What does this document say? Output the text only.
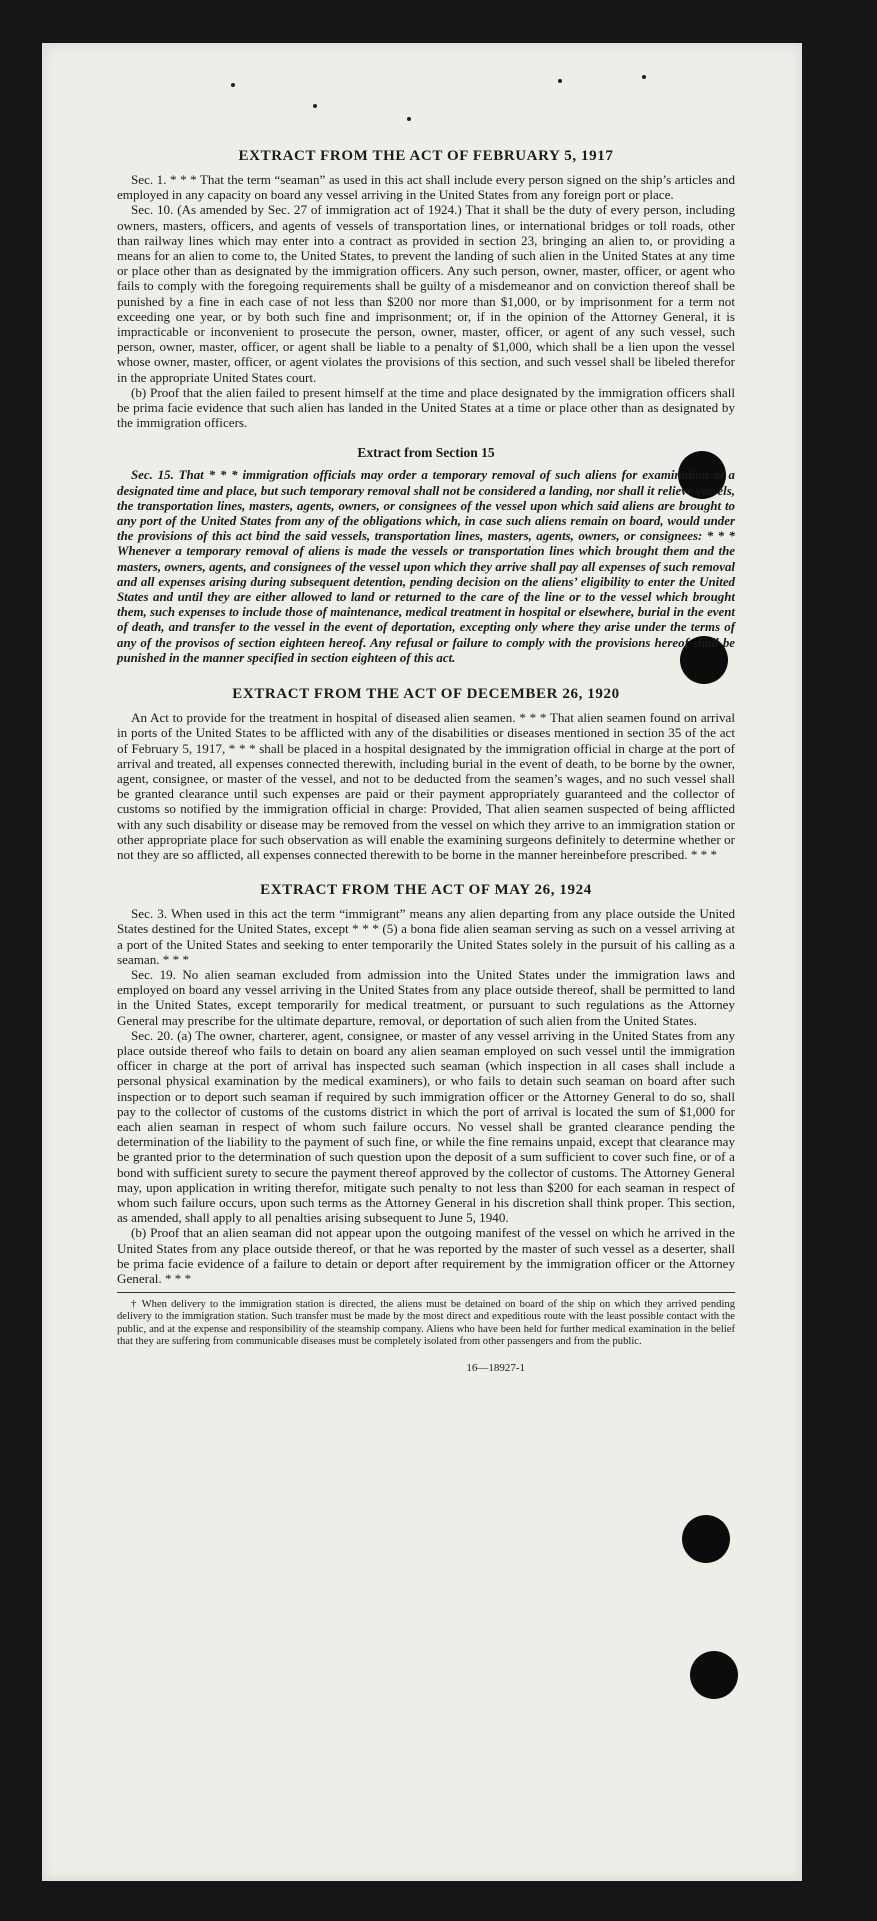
EXTRACT FROM THE ACT OF FEBRUARY 5, 1917

Sec. 1. * * * That the term “seaman” as used in this act shall include every person signed on the ship’s articles and employed in any capacity on board any vessel arriving in the United States from any foreign port or place.

Sec. 10. (As amended by Sec. 27 of immigration act of 1924.) That it shall be the duty of every person, including owners, masters, officers, and agents of vessels of transportation lines, or international bridges or toll roads, other than railway lines which may enter into a contract as provided in section 23, bringing an alien to, or providing a means for an alien to come to, the United States, to prevent the landing of such alien in the United States at any time or place other than as designated by the immigration officers. Any such person, owner, master, officer, or agent who fails to comply with the foregoing requirements shall be guilty of a misdemeanor and on conviction thereof shall be punished by a fine in each case of not less than $200 nor more than $1,000, or by imprisonment for a term not exceeding one year, or by both such fine and imprisonment; or, if in the opinion of the Attorney General, it is impracticable or inconvenient to prosecute the person, owner, master, officer, or agent of any such vessel, such person, owner, master, officer, or agent shall be liable to a penalty of $1,000, which shall be a lien upon the vessel whose owner, master, officer, or agent violates the provisions of this section, and such vessel shall be libeled therefor in the appropriate United States court.

(b) Proof that the alien failed to present himself at the time and place designated by the immigration officers shall be prima facie evidence that such alien has landed in the United States at a time or place other than as designated by the immigration officers.

Extract from Section 15

Sec. 15. That * * * immigration officials may order a temporary removal of such aliens for examination at a designated time and place, but such temporary removal shall not be considered a landing, nor shall it relieve vessels, the transportation lines, masters, agents, owners, or consignees of the vessel upon which said aliens are brought to any port of the United States from any of the obligations which, in case such aliens remain on board, would under the provisions of this act bind the said vessels, transportation lines, masters, agents, owners, or consignees: * * * Whenever a temporary removal of aliens is made the vessels or transportation lines which brought them and the masters, owners, agents, and consignees of the vessel upon which they arrive shall pay all expenses of such removal and all expenses arising during subsequent detention, pending decision on the aliens’ eligibility to enter the United States and until they are either allowed to land or returned to the care of the line or to the vessel which brought them, such expenses to include those of maintenance, medical treatment in hospital or elsewhere, burial in the event of death, and transfer to the vessel in the event of deportation, excepting only where they arise under the terms of any of the provisos of section eighteen hereof. Any refusal or failure to comply with the provisions hereof shall be punished in the manner specified in section eighteen of this act.

EXTRACT FROM THE ACT OF DECEMBER 26, 1920

An Act to provide for the treatment in hospital of diseased alien seamen. * * * That alien seamen found on arrival in ports of the United States to be afflicted with any of the disabilities or diseases mentioned in section 35 of the act of February 5, 1917, * * * shall be placed in a hospital designated by the immigration official in charge at the port of arrival and treated, all expenses connected therewith, including burial in the event of death, to be borne by the owner, agent, consignee, or master of the vessel, and not to be deducted from the seamen’s wages, and no such vessel shall be granted clearance until such expenses are paid or their payment appropriately guaranteed and the collector of customs so notified by the immigration official in charge: Provided, That alien seamen suspected of being afflicted with any such disability or disease may be removed from the vessel on which they arrive to an immigration station or other appropriate place for such observation as will enable the examining surgeons definitely to determine whether or not they are so afflicted, all expenses connected therewith to be borne in the manner hereinbefore prescribed. * * *

EXTRACT FROM THE ACT OF MAY 26, 1924

Sec. 3. When used in this act the term “immigrant” means any alien departing from any place outside the United States destined for the United States, except * * * (5) a bona fide alien seaman serving as such on a vessel arriving at a port of the United States and seeking to enter temporarily the United States solely in the pursuit of his calling as a seaman. * * *

Sec. 19. No alien seaman excluded from admission into the United States under the immigration laws and employed on board any vessel arriving in the United States from any place outside thereof, shall be permitted to land in the United States, except temporarily for medical treatment, or pursuant to such regulations as the Attorney General may prescribe for the ultimate departure, removal, or deportation of such alien from the United States.

Sec. 20. (a) The owner, charterer, agent, consignee, or master of any vessel arriving in the United States from any place outside thereof who fails to detain on board any alien seaman employed on such vessel until the immigration officer in charge at the port of arrival has inspected such seaman (which inspection in all cases shall include a personal physical examination by the medical examiners), or who fails to detain such seaman on board after such inspection or to deport such seaman if required by such immigration officer or the Attorney General to do so, shall pay to the collector of customs of the customs district in which the port of arrival is located the sum of $1,000 for each alien seaman in respect of whom such failure occurs. No vessel shall be granted clearance pending the determination of the liability to the payment of such fine, or while the fine remains unpaid, except that clearance may be granted prior to the determination of such question upon the deposit of a sum sufficient to cover such fine, or of a bond with sufficient surety to secure the payment thereof approved by the collector of customs. The Attorney General may, upon application in writing therefor, mitigate such penalty to not less than $200 for each seaman in respect of whom such failure occurs, upon such terms as the Attorney General in his discretion shall think proper. This section, as amended, shall apply to all penalties arising subsequent to June 5, 1940.

(b) Proof that an alien seaman did not appear upon the outgoing manifest of the vessel on which he arrived in the United States from any place outside thereof, or that he was reported by the master of such vessel as a deserter, shall be prima facie evidence of a failure to detain or deport after requirement by the immigration officer or the Attorney General. * * *

† When delivery to the immigration station is directed, the aliens must be detained on board of the ship on which they arrived pending delivery to the immigration station. Such transfer must be made by the most direct and expeditious route with the least possible contact with the public, and at the expense and responsibility of the steamship company. Aliens who have been held for further medical examination in the belief that they are suffering from communicable diseases must be completely isolated from other passengers and from the public.

16—18927-1
